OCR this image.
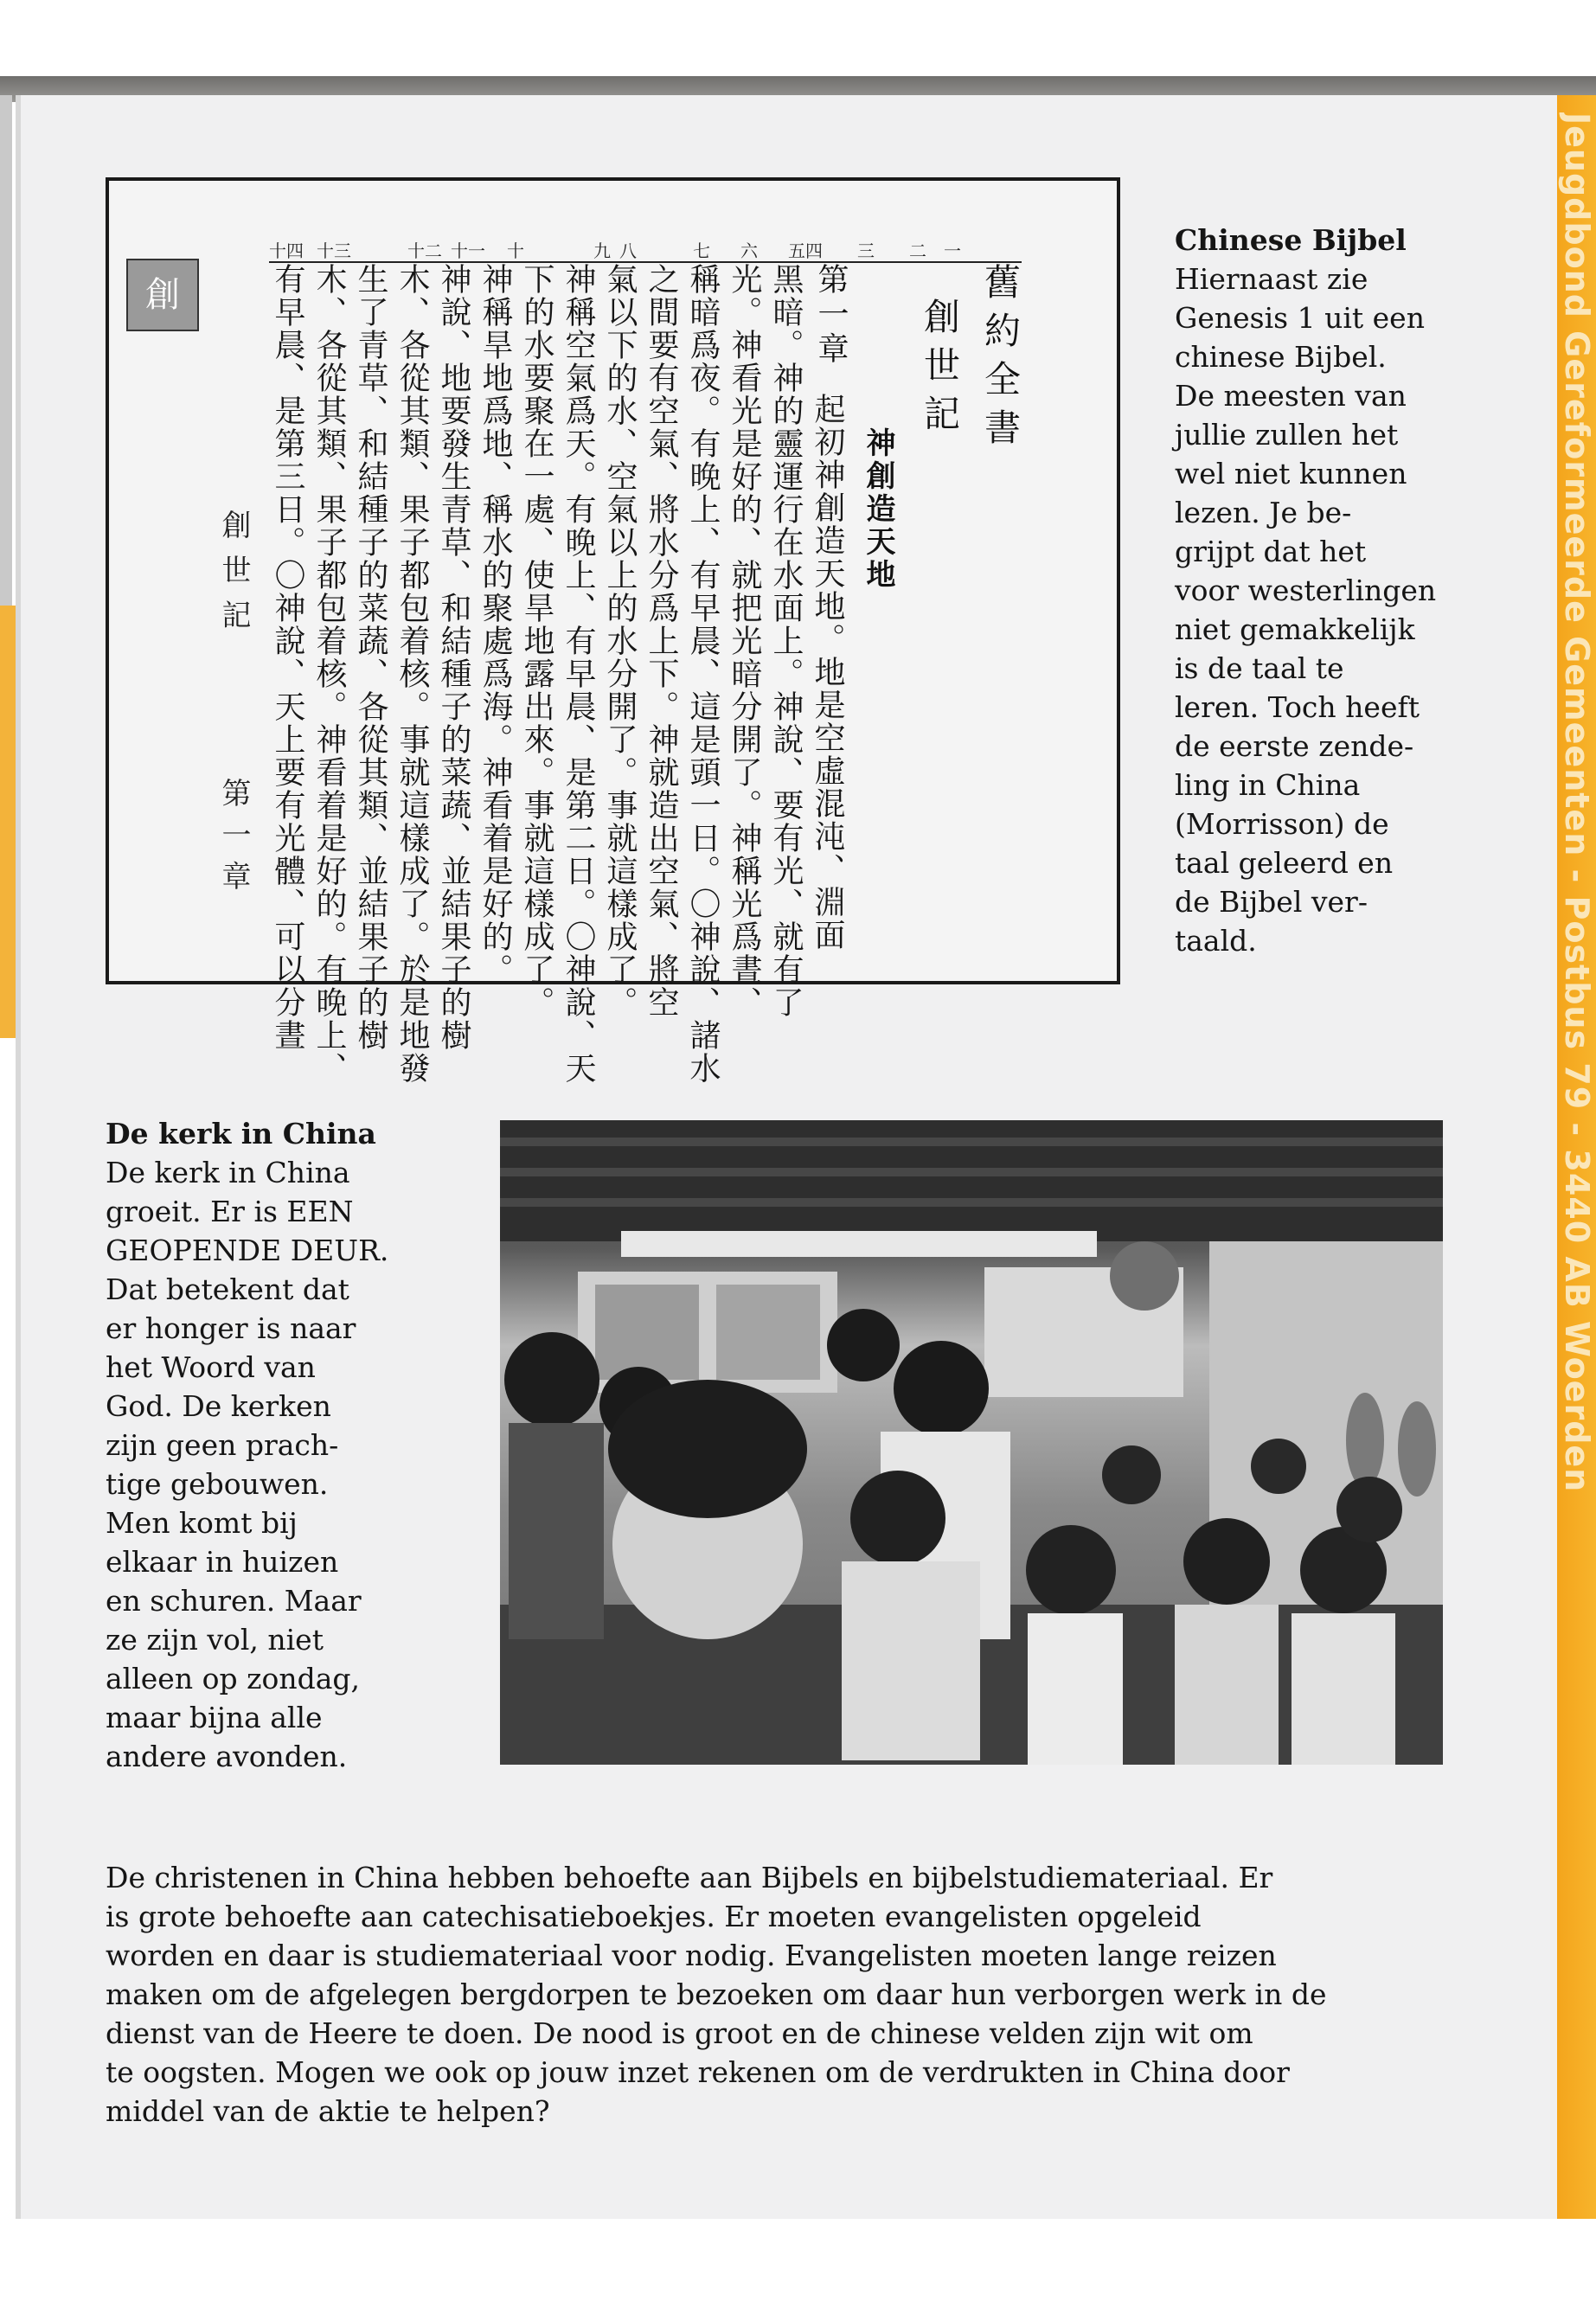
Jeugdbond Gereformeerde Gemeenten - Postbus 79 - 3440 AB Woerden
創
創世記
第一章
十四 十三	十二 十一 十	九 八	七 六 五四 三 二 一
有早晨、是第三日。〇神說、天上要有光體、可以分晝 木、各從其類、果子都包着核。神看着是好的。有晚上、 生了青草、和結種子的菜蔬、各從其類、並結果子的樹 木、各從其類、果子都包着核。事就這樣成了。於是地發 神說、地要發生青草、和結種子的菜蔬、並結果子的樹 神稱旱地爲地、稱水的聚處爲海。神看着是好的。 下的水要聚在一處、使旱地露出來。事就這樣成了。 神稱空氣爲天。有晚上、有早晨、是第二日。〇神說、天 氣以下的水、空氣以上的水分開了。事就這樣成了。 之間要有空氣、將水分爲上下。神就造出空氣、將空 稱暗爲夜。有晚上、有早晨、這是頭一日。〇神說、諸水 光。神看光是好的、就把光暗分開了。神稱光爲晝、 黑暗。神的靈運行在水面上。神說、要有光、就有了 起初神創造天地。地是空虛混沌、淵面
第一章
神創造天地
創世記 舊約全書
Chinese Bijbel
Hiernaast zie
Genesis 1 uit een
chinese Bijbel.
De meesten van
jullie zullen het
wel niet kunnen
lezen. Je be-
grijpt dat het
voor westerlingen
niet gemakkelijk
is de taal te
leren. Toch heeft
de eerste zende-
ling in China
(Morrisson) de
taal geleerd en
de Bijbel ver-
taald.
De kerk in China
De kerk in China
groeit. Er is EEN
GEOPENDE DEUR.
Dat betekent dat
er honger is naar
het Woord van
God. De kerken
zijn geen prach-
tige gebouwen.
Men komt bij
elkaar in huizen
en schuren. Maar
ze zijn vol, niet
alleen op zondag,
maar bijna alle
andere avonden.
De christenen in China hebben behoefte aan Bijbels en bijbelstudiemateriaal. Er
is grote behoefte aan catechisatieboekjes. Er moeten evangelisten opgeleid
worden en daar is studiemateriaal voor nodig. Evangelisten moeten lange reizen
maken om de afgelegen bergdorpen te bezoeken om daar hun verborgen werk in de
dienst van de Heere te doen. De nood is groot en de chinese velden zijn wit om
te oogsten. Mogen we ook op jouw inzet rekenen om de verdrukten in China door
middel van de aktie te helpen?
